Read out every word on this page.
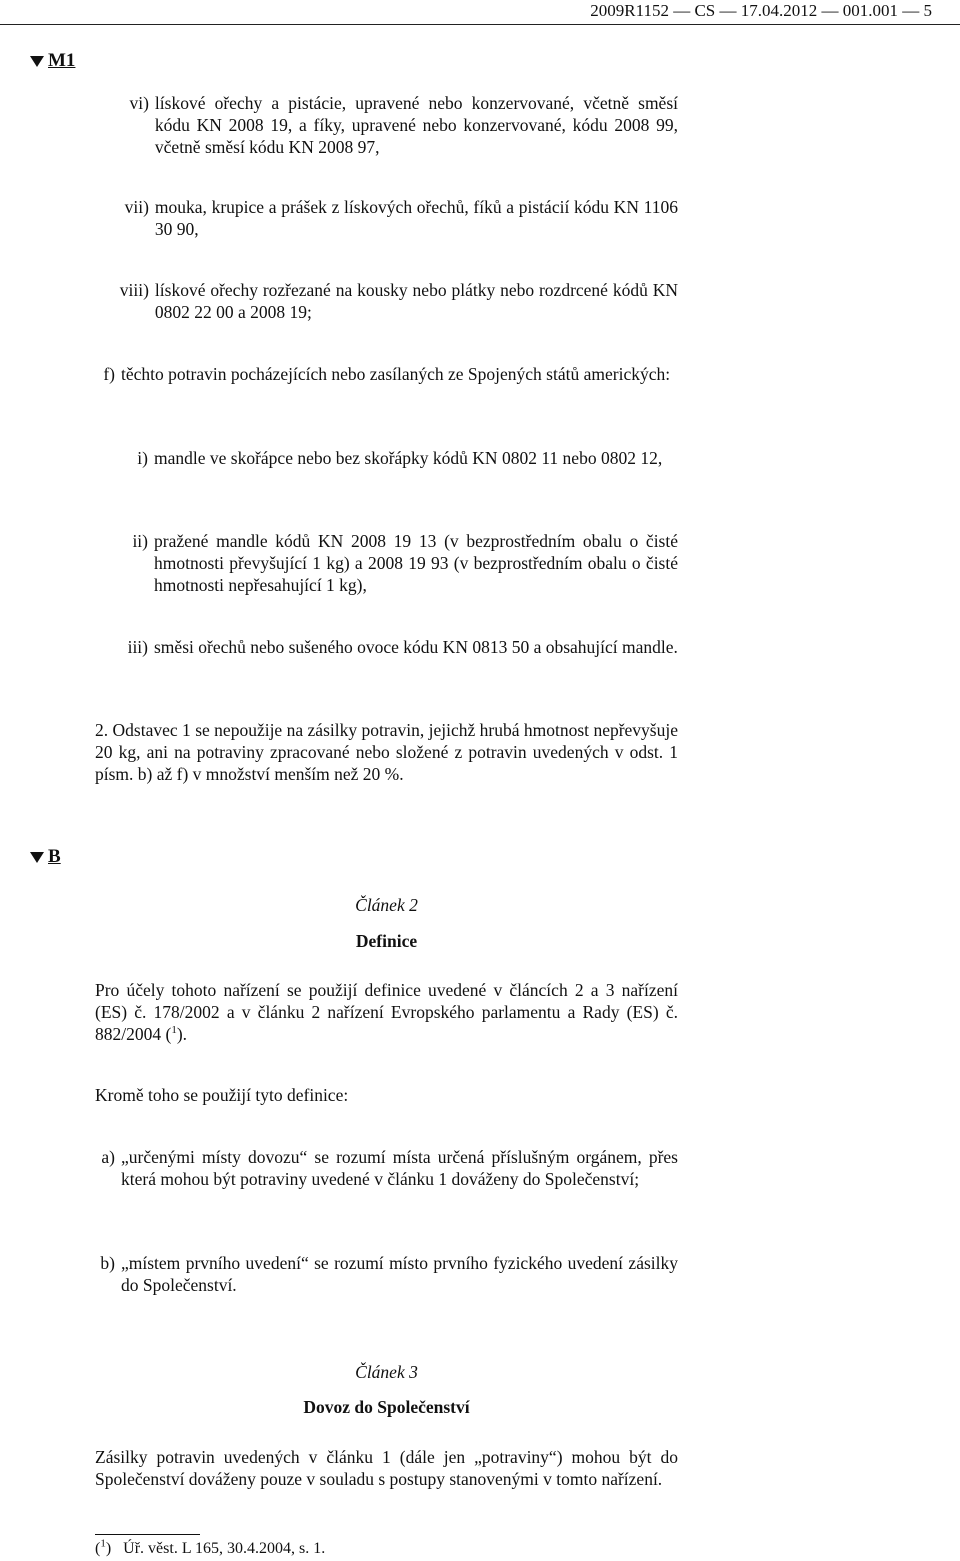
2009R1152 — CS — 17.04.2012 — 001.001 — 5
M1
vi) lískové ořechy a pistácie, upravené nebo konzervované, včetně směsí kódu KN 2008 19, a fíky, upravené nebo konzervované, kódu 2008 99, včetně směsí kódu KN 2008 97,
vii) mouka, krupice a prášek z lískových ořechů, fíků a pistácií kódu KN 1106 30 90,
viii) lískové ořechy rozřezané na kousky nebo plátky nebo rozdrcené kódů KN 0802 22 00 a 2008 19;
f) těchto potravin pocházejících nebo zasílaných ze Spojených států amerických:
i) mandle ve skořápce nebo bez skořápky kódů KN 0802 11 nebo 0802 12,
ii) pražené mandle kódů KN 2008 19 13 (v bezprostředním obalu o čisté hmotnosti převyšující 1 kg) a 2008 19 93 (v bezprostředním obalu o čisté hmotnosti nepřesahující 1 kg),
iii) směsi ořechů nebo sušeného ovoce kódu KN 0813 50 a obsahující mandle.
2. Odstavec 1 se nepoužije na zásilky potravin, jejichž hrubá hmotnost nepřevyšuje 20 kg, ani na potraviny zpracované nebo složené z potravin uvedených v odst. 1 písm. b) až f) v množství menším než 20 %.
B
Článek 2
Definice
Pro účely tohoto nařízení se použijí definice uvedené v článcích 2 a 3 nařízení (ES) č. 178/2002 a v článku 2 nařízení Evropského parlamentu a Rady (ES) č. 882/2004 ($^1$).
Kromě toho se použijí tyto definice:
a) „určenými místy dovozu“ se rozumí místa určená příslušným orgánem, přes která mohou být potraviny uvedené v článku 1 dováženy do Společenství;
b) „místem prvního uvedení“ se rozumí místo prvního fyzického uvedení zásilky do Společenství.
Článek 3
Dovoz do Společenství
Zásilky potravin uvedených v článku 1 (dále jen „potraviny“) mohou být do Společenství dováženy pouze v souladu s postupy stanovenými v tomto nařízení.
($^1$) Úř. věst. L 165, 30.4.2004, s. 1.
